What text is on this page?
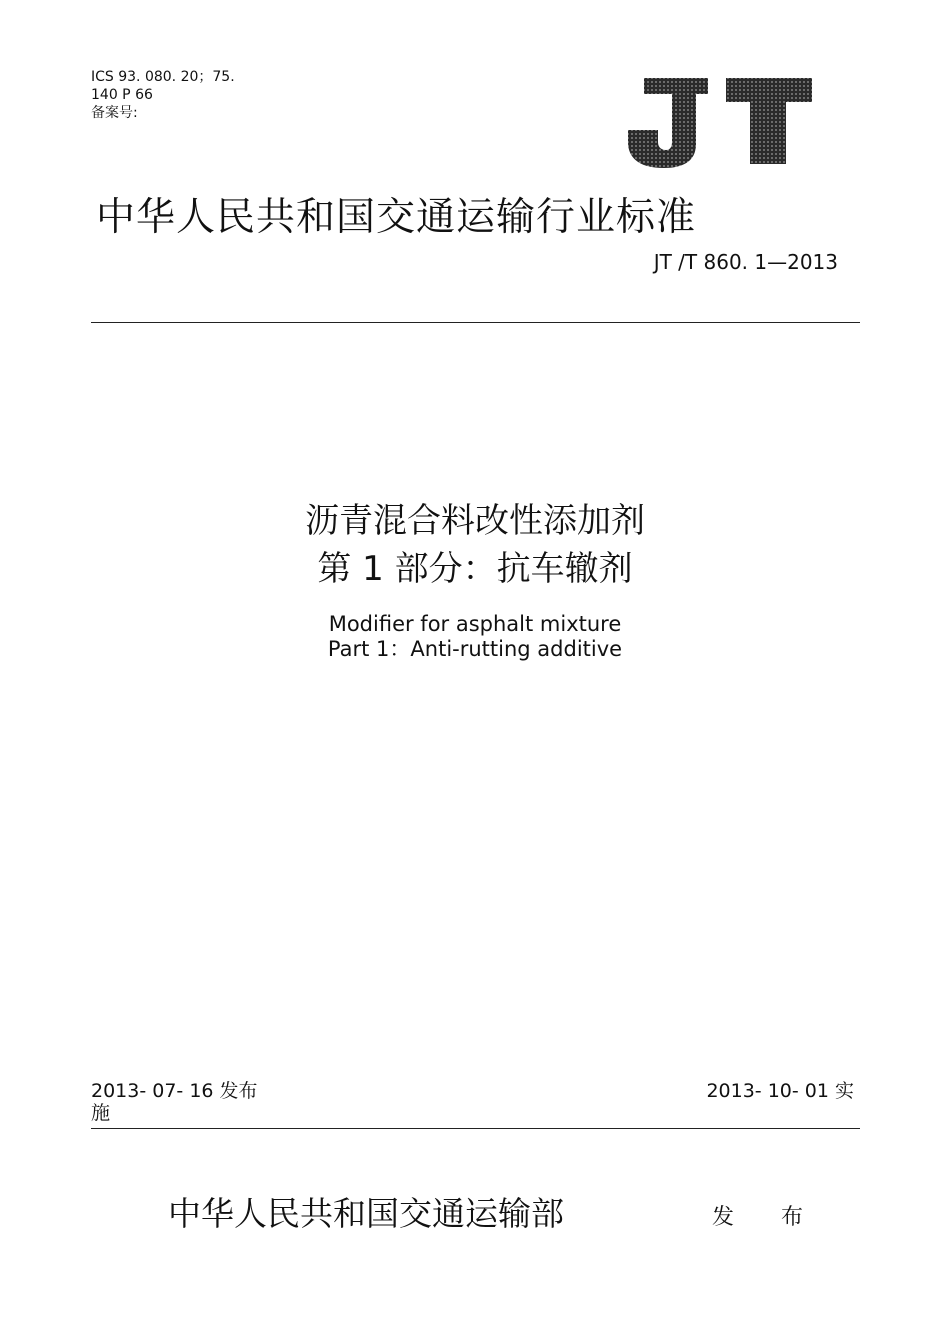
ICS 93. 080. 20；75.
140 P 66
备案号:
中华人民共和国交通运输行业标准
JT /T 860. 1—2013
沥青混合料改性添加剂
第 1 部分：抗车辙剂
Modifier for asphalt mixture
Part 1：Anti-rutting additive
2013- 07- 16 发布
施
2013- 10- 01 实
中华人民共和国交通运输部	发 布
